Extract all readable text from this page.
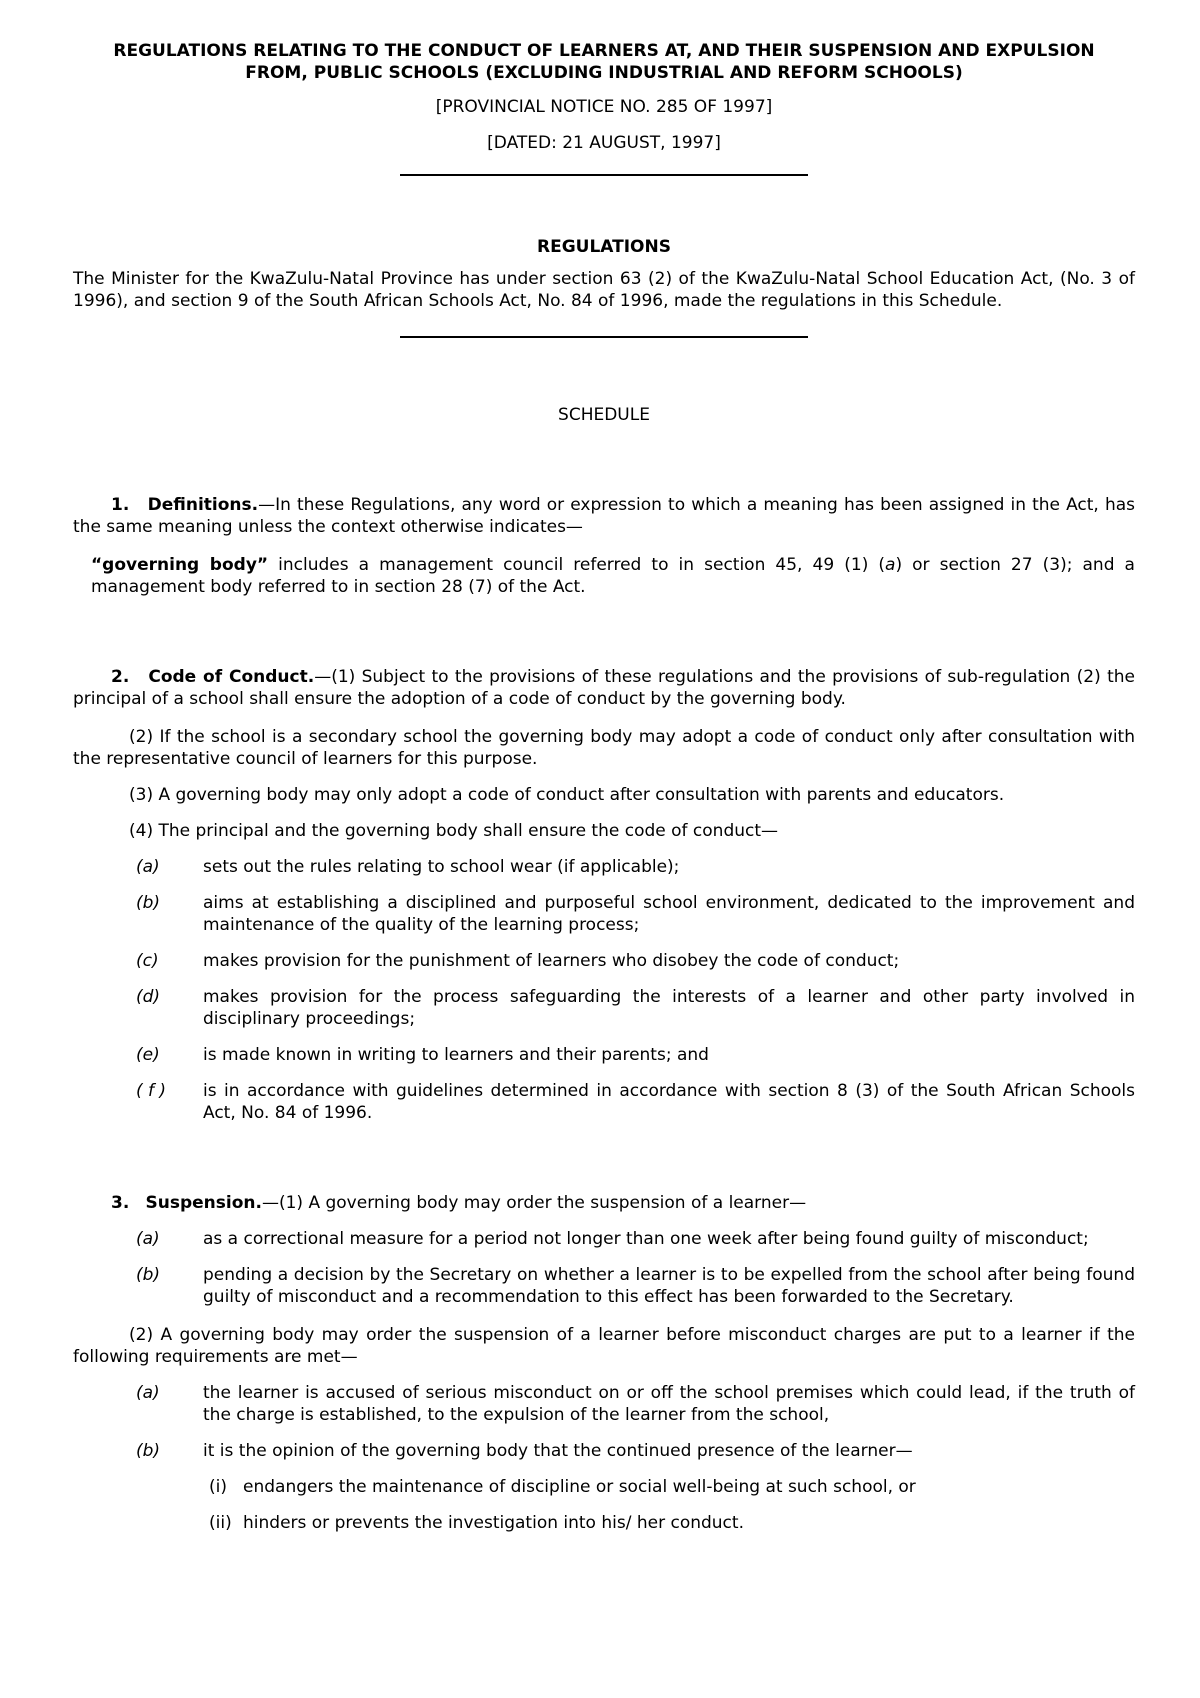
REGULATIONS RELATING TO THE CONDUCT OF LEARNERS AT, AND THEIR SUSPENSION AND EXPULSION

FROM, PUBLIC SCHOOLS (EXCLUDING INDUSTRIAL AND REFORM SCHOOLS)

[PROVINCIAL NOTICE NO. 285 OF 1997]

[DATED: 21 AUGUST, 1997]

REGULATIONS

The Minister for the KwaZulu-Natal Province has under section 63 (2) of the KwaZulu-Natal School Education Act, (No. 3 of 1996), and section 9 of the South African Schools Act, No. 84 of 1996, made the regulations in this Schedule.

SCHEDULE

1. Definitions.—In these Regulations, any word or expression to which a meaning has been assigned in the Act, has the same meaning unless the context otherwise indicates—

“governing body” includes a management council referred to in section 45, 49 (1) (a) or section 27 (3); and a management body referred to in section 28 (7) of the Act.

2. Code of Conduct.—(1) Subject to the provisions of these regulations and the provisions of sub-regulation (2) the principal of a school shall ensure the adoption of a code of conduct by the governing body.

(2) If the school is a secondary school the governing body may adopt a code of conduct only after consultation with the representative council of learners for this purpose.

(3) A governing body may only adopt a code of conduct after consultation with parents and educators.

(4) The principal and the governing body shall ensure the code of conduct—

(a)	sets out the rules relating to school wear (if applicable);
(b)	aims at establishing a disciplined and purposeful school environment, dedicated to the improvement and maintenance of the quality of the learning process;
(c)	makes provision for the punishment of learners who disobey the code of conduct;
(d)	makes provision for the process safeguarding the interests of a learner and other party involved in disciplinary proceedings;
(e)	is made known in writing to learners and their parents; and
( f )	is in accordance with guidelines determined in accordance with section 8 (3) of the South African Schools Act, No. 84 of 1996.

3. Suspension.—(1) A governing body may order the suspension of a learner—

(a)	as a correctional measure for a period not longer than one week after being found guilty of misconduct;
(b)	pending a decision by the Secretary on whether a learner is to be expelled from the school after being found guilty of misconduct and a recommendation to this effect has been forwarded to the Secretary.

(2) A governing body may order the suspension of a learner before misconduct charges are put to a learner if the following requirements are met—

(a)	the learner is accused of serious misconduct on or off the school premises which could lead, if the truth of the charge is established, to the expulsion of the learner from the school,
(b)	it is the opinion of the governing body that the continued presence of the learner—
(i) endangers the maintenance of discipline or social well-being at such school, or
(ii) hinders or prevents the investigation into his/ her conduct.
